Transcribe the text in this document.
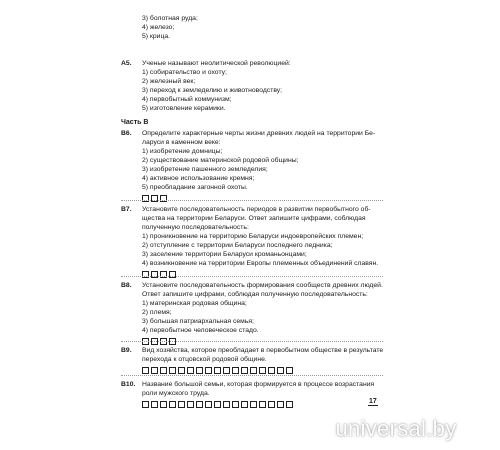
3) болотная руда;
4) железо;
5) крица.
А5. Ученые называют неолитической революцией:
1) собирательство и охоту;
2) железный век;
3) переход к земледелию и животноводству;
4) первобытный коммунизм;
5) изготовление керамики.
Часть В
В6. Определите характерные черты жизни древних людей на территории Бе-
ларуси в каменном веке:
1) изобретение домницы;
2) существование материнской родовой общины;
3) изобретение пашенного земледелия;
4) активное использование кремня;
5) преобладание загонной охоты.
В7. Установите последовательность периодов в развитии первобытного об-
щества на территории Беларуси. Ответ запишите цифрами, соблюдая
полученную последовательность:
1) проникновение на территорию Беларуси индоевропейских племен;
2) отступление с территории Беларуси последнего ледника;
3) заселение территории Беларуси кроманьонцами;
4) возникновение на территории Европы племенных объединений славян.
В8. Установите последовательность формирования сообществ древних людей.
Ответ запишите цифрами, соблюдая полученную последовательность:
1) материнская родовая община;
2) племя;
3) большая патриархальная семья;
4) первобытное человеческое стадо.
В9. Вид хозяйства, которое преобладает в первобытном обществе в результате
перехода к отцовской родовой общине.
В10. Название большой семьи, которая формируется в процессе возрастания
роли мужского труда.
17
universal.by
